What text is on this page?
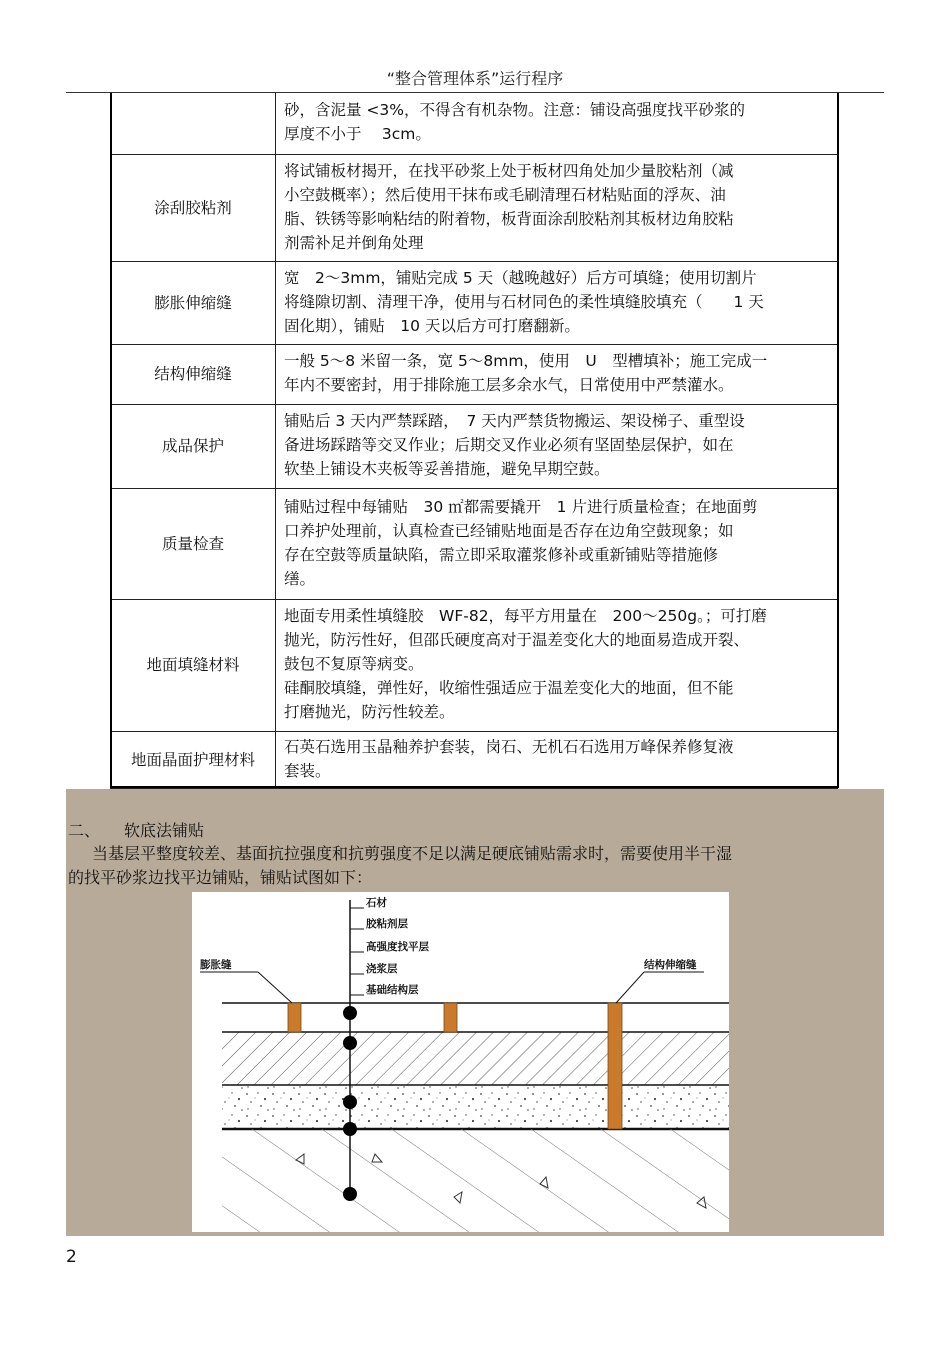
“整合管理体系”运行程序

	砂，含泥量 <3%，不得含有机杂物。注意：铺设高强度找平砂浆的
厚度不小于　 3cm。

涂刮胶粘剂	将试铺板材揭开，在找平砂浆上处于板材四角处加少量胶粘剂（减
小空鼓概率）；然后使用干抹布或毛刷清理石材粘贴面的浮灰、油
脂、铁锈等影响粘结的附着物，板背面涂刮胶粘剂其板材边角胶粘
剂需补足并倒角处理

膨胀伸缩缝	宽　2～3mm，铺贴完成 5 天（越晚越好）后方可填缝；使用切割片
将缝隙切割、清理干净，使用与石材同色的柔性填缝胶填充（　　1 天
固化期），铺贴　10 天以后方可打磨翻新。

结构伸缩缝	一般 5～8 米留一条，宽 5～8mm，使用　U　型槽填补；施工完成一
年内不要密封，用于排除施工层多余水气，日常使用中严禁灌水。

成品保护	铺贴后 3 天内严禁踩踏，　7 天内严禁货物搬运、架设梯子、重型设
备进场踩踏等交叉作业；后期交叉作业必须有坚固垫层保护，如在
软垫上铺设木夹板等妥善措施，避免早期空鼓。

质量检查	铺贴过程中每铺贴　30 ㎡都需要撬开　1 片进行质量检查；在地面剪
口养护处理前，认真检查已经铺贴地面是否存在边角空鼓现象；如
存在空鼓等质量缺陷，需立即采取灌浆修补或重新铺贴等措施修
缮。

地面填缝材料	地面专用柔性填缝胶　WF-82，每平方用量在　200～250g。；可打磨
抛光，防污性好，但邵氏硬度高对于温差变化大的地面易造成开裂、
鼓包不复原等病变。
硅酮胶填缝，弹性好，收缩性强适应于温差变化大的地面，但不能
打磨抛光，防污性较差。

地面晶面护理材料	石英石选用玉晶釉养护套装，岗石、无机石石选用万峰保养修复液
套装。
二、 软底法铺贴
当基层平整度较差、基面抗拉强度和抗剪强度不足以满足硬底铺贴需求时，需要使用半干湿
的找平砂浆边找平边铺贴，铺贴试图如下：
石材
胶粘剂层
高强度找平层
浇浆层
基础结构层
膨胀缝	结构伸缩缝
2
